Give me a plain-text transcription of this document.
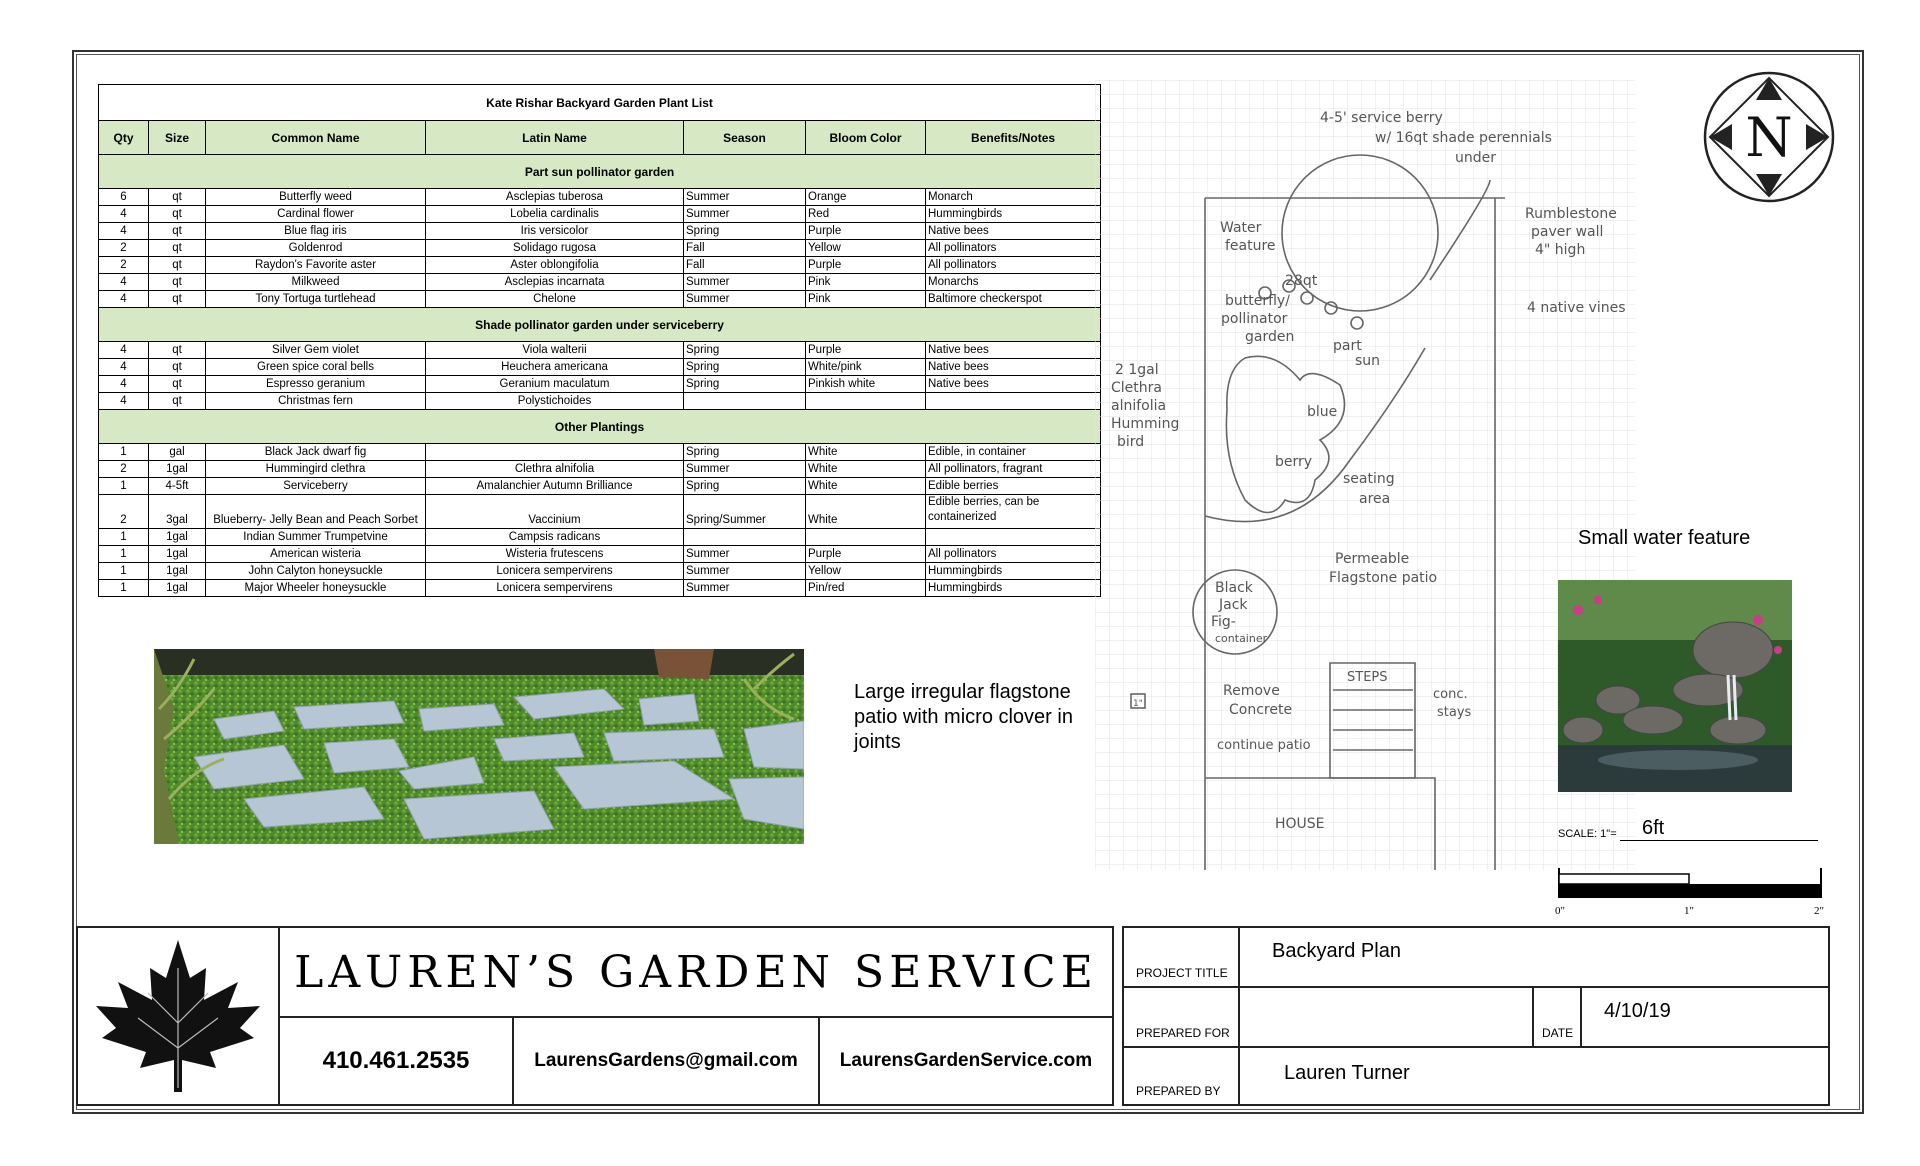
Kate Rishar Backyard Garden Plant List						
Qty	Size	Common Name	Latin Name	Season	Bloom Color	Benefits/Notes
Part sun pollinator garden						
6	qt	Butterfly weed	Asclepias tuberosa	Summer	Orange	Monarch
4	qt	Cardinal flower	Lobelia cardinalis	Summer	Red	Hummingbirds
4	qt	Blue flag iris	Iris versicolor	Spring	Purple	Native bees
2	qt	Goldenrod	Solidago rugosa	Fall	Yellow	All pollinators
2	qt	Raydon's Favorite aster	Aster oblongifolia	Fall	Purple	All pollinators
4	qt	Milkweed	Asclepias incarnata	Summer	Pink	Monarchs
4	qt	Tony Tortuga turtlehead	Chelone	Summer	Pink	Baltimore checkerspot
Shade pollinator garden under serviceberry						
4	qt	Silver Gem violet	Viola walterii	Spring	Purple	Native bees
4	qt	Green spice coral bells	Heuchera americana	Spring	White/pink	Native bees
4	qt	Espresso geranium	Geranium maculatum	Spring	Pinkish white	Native bees
4	qt	Christmas fern	Polystichoides			
Other Plantings						
1	gal	Black Jack dwarf fig		Spring	White	Edible, in container
2	1gal	Hummingird clethra	Clethra alnifolia	Summer	White	All pollinators, fragrant
1	4-5ft	Serviceberry	Amalanchier Autumn Brilliance	Spring	White	Edible berries
2	3gal	Blueberry- Jelly Bean and Peach Sorbet	Vaccinium	Spring/Summer	White	Edible berries, can be containerized
1	1gal	Indian Summer Trumpetvine	Campsis radicans			
1	1gal	American wisteria	Wisteria frutescens	Summer	Purple	All pollinators
1	1gal	John Calyton honeysuckle	Lonicera sempervirens	Summer	Yellow	Hummingbirds
1	1gal	Major Wheeler honeysuckle	Lonicera sempervirens	Summer	Pin/red	Hummingbirds
Large irregular flagstone patio with micro clover in joints
4-5' service berry
w/ 16qt shade perennials
under
Rumblestone
paver wall
4" high
Water
feature
28qt
butterfly/
pollinator
garden
part
sun
4 native vines
2 1gal
Clethra
alnifolia
Humming
bird
blue
berry
seating
area
Permeable
Flagstone patio
Black
Jack
Fig-
container
STEPS
Remove
Concrete
conc.
stays
continue patio
HOUSE
1"
N
Small water feature
SCALE: 1"= 6ft
0"	1"	2"
LAUREN’S GARDEN SERVICE
410.461.2535	LaurensGardens@gmail.com	LaurensGardenService.com
PROJECT TITLE
Backyard Plan
PREPARED FOR	DATE
4/10/19
PREPARED BY
Lauren Turner
